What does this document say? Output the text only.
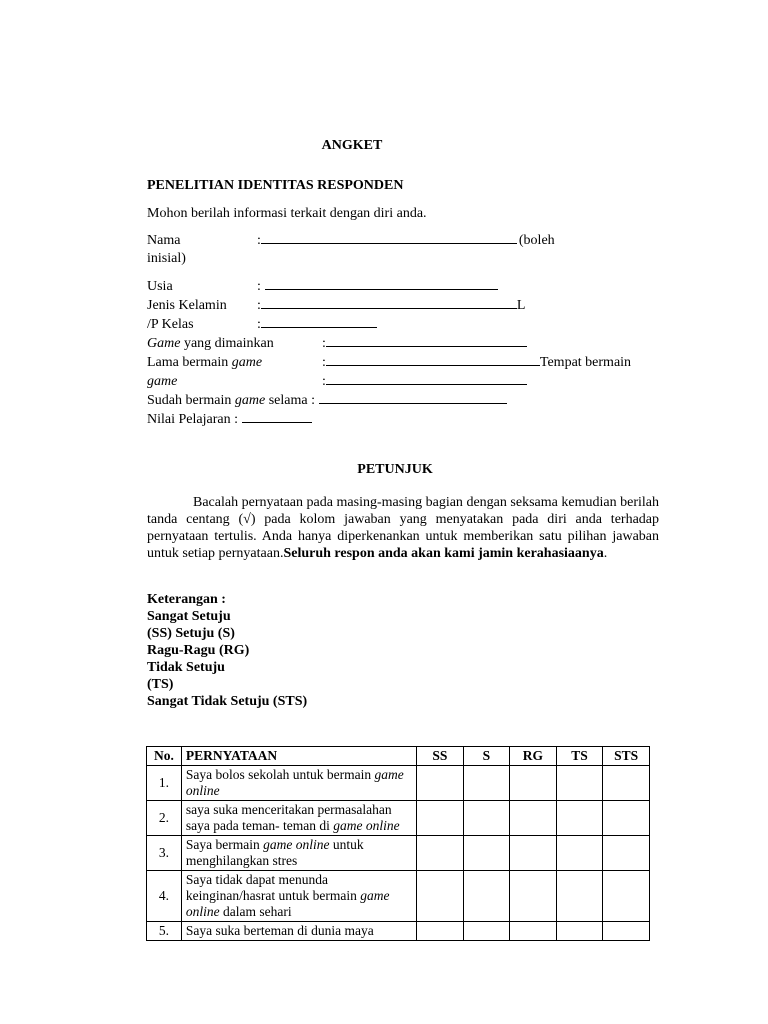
ANGKET
PENELITIAN IDENTITAS RESPONDEN
Mohon berilah informasi terkait dengan diri anda.
Nama	:	(boleh
inisial)
Usia	:
Jenis Kelamin	:	L
/P Kelas	:
Game yang dimainkan	:
Lama bermain game	:	Tempat bermain
game	:
Sudah bermain game selama :
Nilai Pelajaran :
PETUNJUK
Bacalah pernyataan pada masing-masing bagian dengan seksama kemudian berilah tanda centang (√) pada kolom jawaban yang menyatakan pada diri anda terhadap pernyataan tertulis. Anda hanya diperkenankan untuk memberikan satu pilihan jawaban untuk setiap pernyataan.Seluruh respon anda akan kami jamin kerahasiaanya.
Keterangan :
Sangat Setuju
(SS) Setuju (S)
Ragu-Ragu (RG)
Tidak Setuju
(TS)
Sangat Tidak Setuju (STS)
No.	PERNYATAAN	SS	S	RG	TS	STS
1.	Saya bolos sekolah untuk bermain game online					
2.	saya suka menceritakan permasalahan saya pada teman- teman di game online					
3.	Saya bermain game online untuk menghilangkan stres					
4.	Saya tidak dapat menunda keinginan/hasrat untuk bermain game online dalam sehari					
5.	Saya suka berteman di dunia maya					
